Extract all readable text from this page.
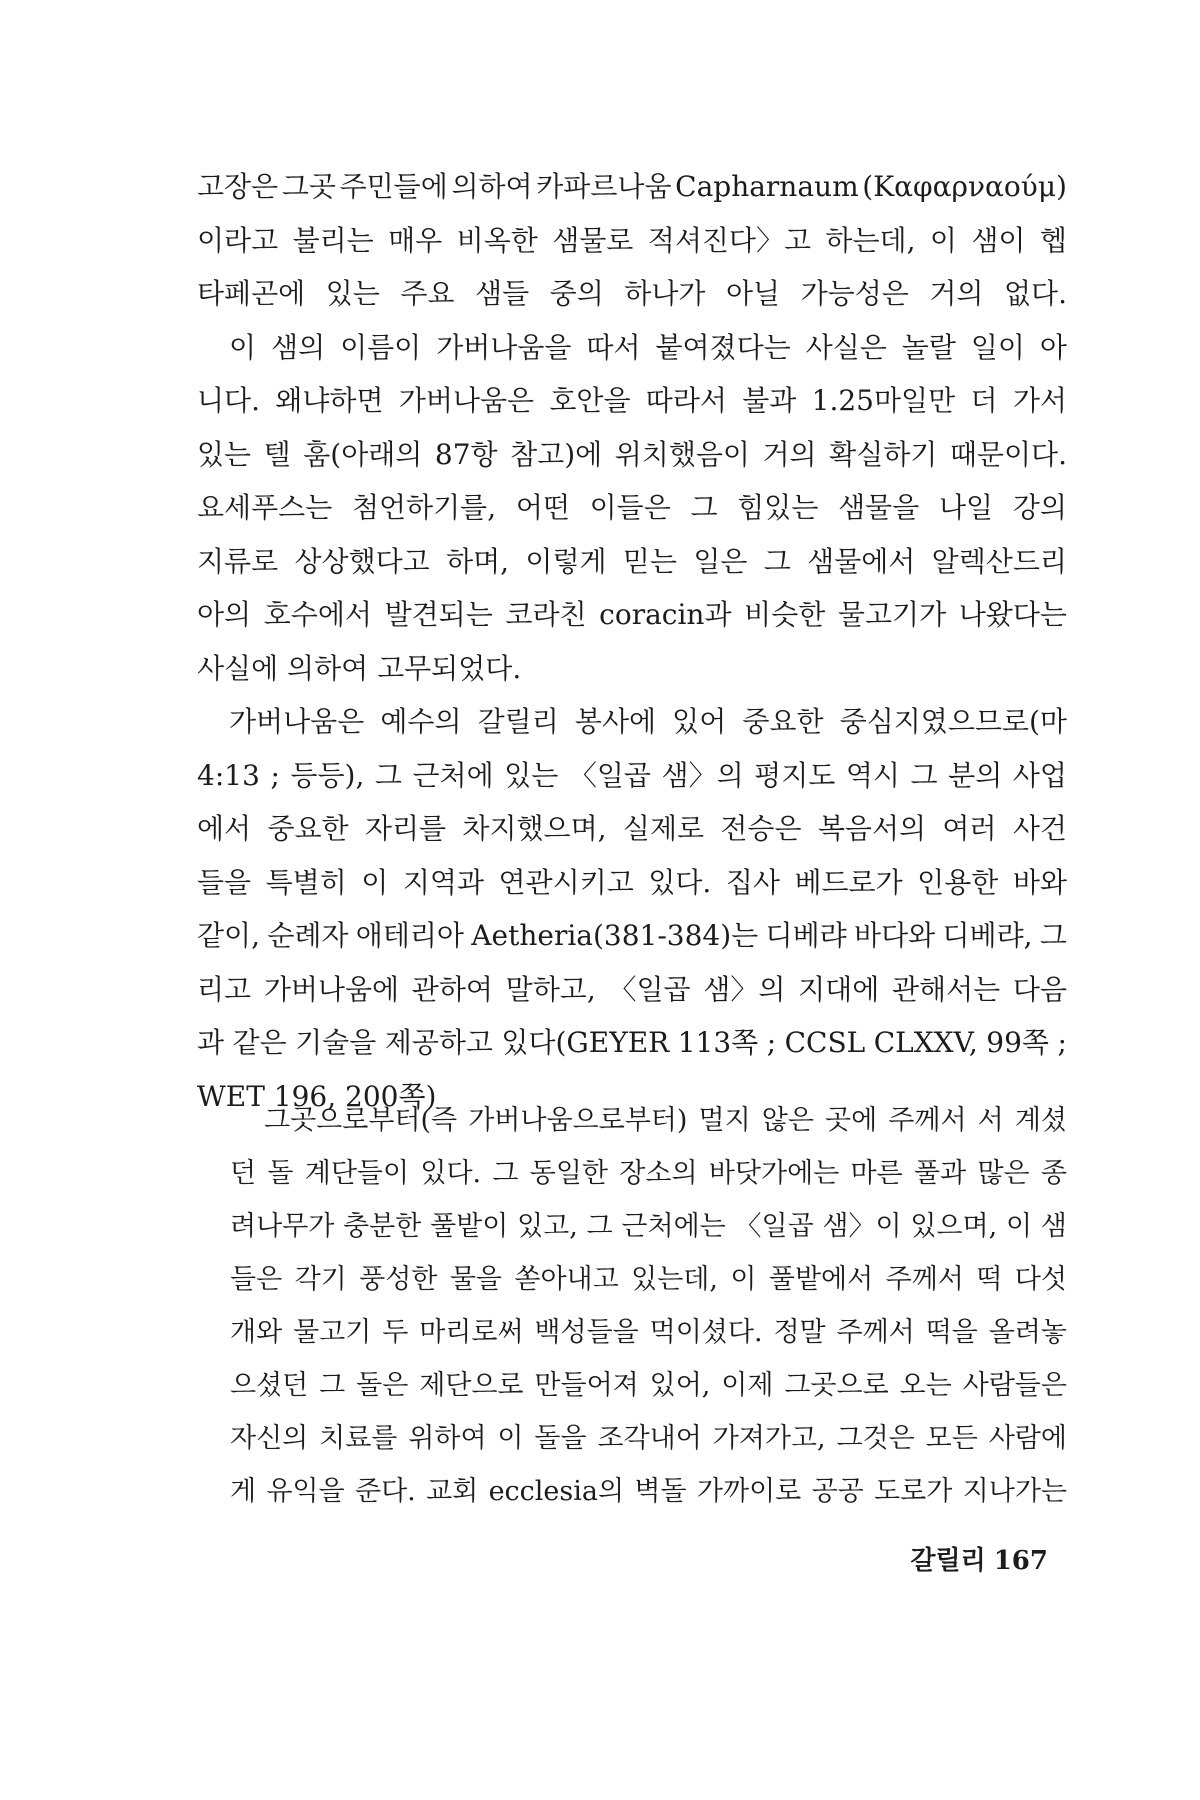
고장은 그곳 주민들에 의하여 카파르나움 Capharnaum (Καφαρναούμ)
이라고 불리는 매우 비옥한 샘물로 적셔진다〉고 하는데, 이 샘이 헵
타페곤에 있는 주요 샘들 중의 하나가 아닐 가능성은 거의 없다.
이 샘의 이름이 가버나움을 따서 붙여졌다는 사실은 놀랄 일이 아
니다. 왜냐하면 가버나움은 호안을 따라서 불과 1.25마일만 더 가서
있는 텔 훔(아래의 87항 참고)에 위치했음이 거의 확실하기 때문이다.
요세푸스는 첨언하기를, 어떤 이들은 그 힘있는 샘물을 나일 강의
지류로 상상했다고 하며, 이렇게 믿는 일은 그 샘물에서 알렉산드리
아의 호수에서 발견되는 코라친 coracin과 비슷한 물고기가 나왔다는
사실에 의하여 고무되었다.
가버나움은 예수의 갈릴리 봉사에 있어 중요한 중심지였으므로(마
4:13 ; 등등), 그 근처에 있는 〈일곱 샘〉의 평지도 역시 그 분의 사업
에서 중요한 자리를 차지했으며, 실제로 전승은 복음서의 여러 사건
들을 특별히 이 지역과 연관시키고 있다. 집사 베드로가 인용한 바와
같이, 순례자 애테리아 Aetheria(381-384)는 디베랴 바다와 디베랴, 그
리고 가버나움에 관하여 말하고, 〈일곱 샘〉의 지대에 관해서는 다음
과 같은 기술을 제공하고 있다(GEYER 113쪽 ; CCSL CLXXV, 99쪽 ;
WET 196, 200쪽)
그곳으로부터(즉 가버나움으로부터) 멀지 않은 곳에 주께서 서 계셨
던 돌 계단들이 있다. 그 동일한 장소의 바닷가에는 마른 풀과 많은 종
려나무가 충분한 풀밭이 있고, 그 근처에는 〈일곱 샘〉이 있으며, 이 샘
들은 각기 풍성한 물을 쏟아내고 있는데, 이 풀밭에서 주께서 떡 다섯
개와 물고기 두 마리로써 백성들을 먹이셨다. 정말 주께서 떡을 올려놓
으셨던 그 돌은 제단으로 만들어져 있어, 이제 그곳으로 오는 사람들은
자신의 치료를 위하여 이 돌을 조각내어 가져가고, 그것은 모든 사람에
게 유익을 준다. 교회 ecclesia의 벽돌 가까이로 공공 도로가 지나가는
갈릴리 167
